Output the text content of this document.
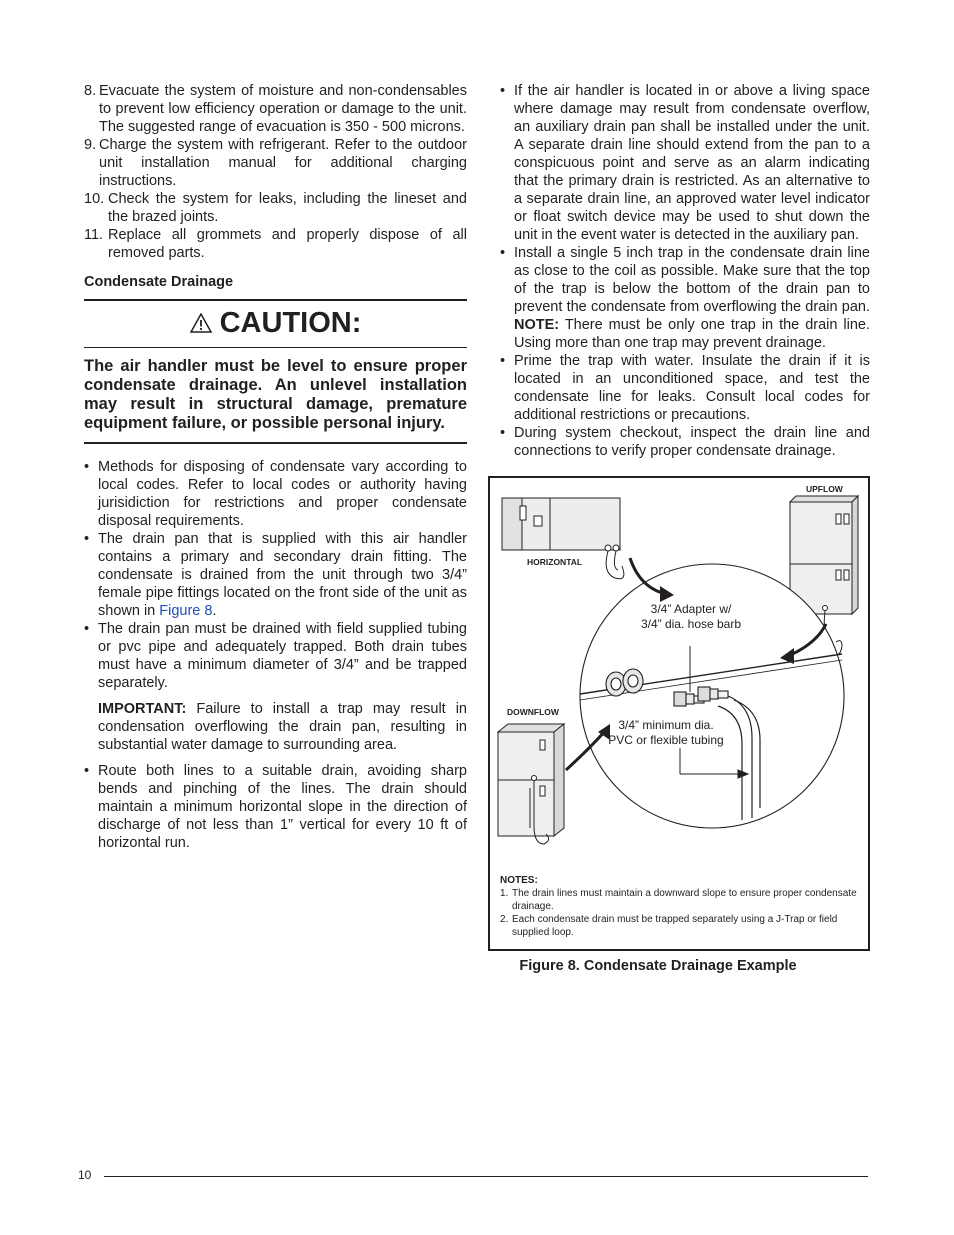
8. Evacuate the system of moisture and non-condensables to prevent low efficiency operation or damage to the unit. The suggested range of evacuation is 350 - 500 microns.
9. Charge the system with refrigerant. Refer to the outdoor unit installation manual for additional charging instructions.
10. Check the system for leaks, including the lineset and the brazed joints.
11. Replace all grommets and properly dispose of all removed parts.
Condensate Drainage
CAUTION:
The air handler must be level to ensure proper condensate drainage. An unlevel installation may result in structural damage, premature equipment failure, or possible personal injury.
• Methods for disposing of condensate vary according to local codes. Refer to local codes or authority having jurisidiction for restrictions and proper condensate disposal requirements.
• The drain pan that is supplied with this air handler contains a primary and secondary drain fitting. The condensate is drained from the unit through two 3/4” female pipe fittings located on the front side of the unit as shown in Figure 8.
• The drain pan must be drained with field supplied tubing or pvc pipe and adequately trapped. Both drain tubes must have a minimum diameter of 3/4” and be trapped separately.

IMPORTANT: Failure to install a trap may result in condensation overflowing the drain pan, resulting in substantial water damage to surrounding area.

• Route both lines to a suitable drain, avoiding sharp bends and pinching of the lines. The drain should maintain a minimum horizontal slope in the direction of discharge of not less than 1” vertical for every 10 ft of horizontal run.
• If the air handler is located in or above a living space where damage may result from condensate overflow, an auxiliary drain pan shall be installed under the unit. A separate drain line should extend from the pan to a conspicuous point and serve as an alarm indicating that the primary drain is restricted. As an alternative to a separate drain line, an approved water level indicator or float switch device may be used to shut down the unit in the event water is detected in the auxiliary pan.
• Install a single 5 inch trap in the condensate drain line as close to the coil as possible. Make sure that the top of the trap is below the bottom of the drain pan to prevent the condensate from overflowing the drain pan. NOTE: There must be only one trap in the drain line. Using more than one trap may prevent drainage.
• Prime the trap with water. Insulate the drain if it is located in an unconditioned space, and test the condensate line for leaks. Consult local codes for additional restrictions or precautions.
• During system checkout, inspect the drain line and connections to verify proper condensate drainage.
UPFLOW
HORIZONTAL
DOWNFLOW
3/4” Adapter w/
3/4” dia. hose barb
3/4” minimum dia.
PVC or flexible tubing
NOTES:
1. The drain lines must maintain a downward slope to ensure proper condensate drainage.
2. Each condensate drain must be trapped separately using a J-Trap or field supplied loop.
Figure 8. Condensate Drainage Example
10
